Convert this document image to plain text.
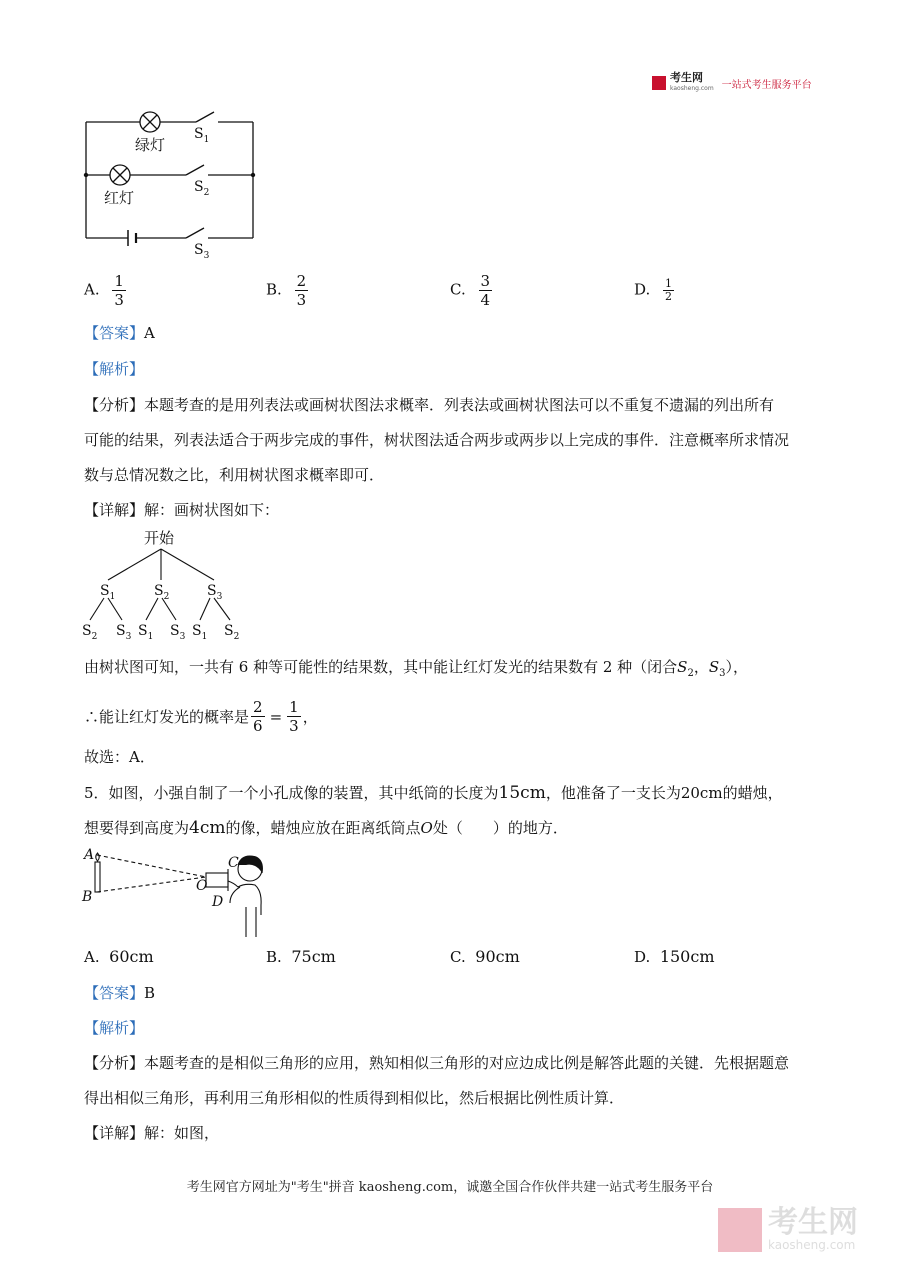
考生网
kaosheng.com 一站式考生服务平台
绿灯
红灯
$S_1$
$S_2$
$S_3$
A. $\frac{1}{3}$	B. $\frac{2}{3}$	C. $\frac{3}{4}$	D. $\frac{1}{2}$
【答案】A
【解析】
【分析】本题考查的是用列表法或画树状图法求概率．列表法或画树状图法可以不重复不遗漏的列出所有
可能的结果，列表法适合于两步完成的事件，树状图法适合两步或两步以上完成的事件．注意概率所求情况
数与总情况数之比，利用树状图求概率即可．
【详解】解：画树状图如下：
开始
$S_1$	$S_2$	$S_3$
$S_2$ $S_3$ $S_1$ $S_3$ $S_1$ $S_2$
由树状图可知，一共有 6 种等可能性的结果数，其中能让红灯发光的结果数有 2 种（闭合$S_2$，$S_3$），
∴能让红灯发光的概率是 $\frac{2}{6} = \frac{1}{3}$ ，
故选：A．
5．如图，小强自制了一个小孔成像的装置，其中纸筒的长度为15cm，他准备了一支长为20cm的蜡烛，
想要得到高度为4cm的像，蜡烛应放在距离纸筒点O处（　　）的地方．
A
B
C
O
D
A. 60cm	B. 75cm	C. 90cm	D. 150cm
【答案】B
【解析】
【分析】本题考查的是相似三角形的应用，熟知相似三角形的对应边成比例是解答此题的关键．先根据题意
得出相似三角形，再利用三角形相似的性质得到相似比，然后根据比例性质计算．
【详解】解：如图，
考生网官方网址为"考生"拼音 kaosheng.com，诚邀全国合作伙伴共建一站式考生服务平台
考生网
kaosheng.com
